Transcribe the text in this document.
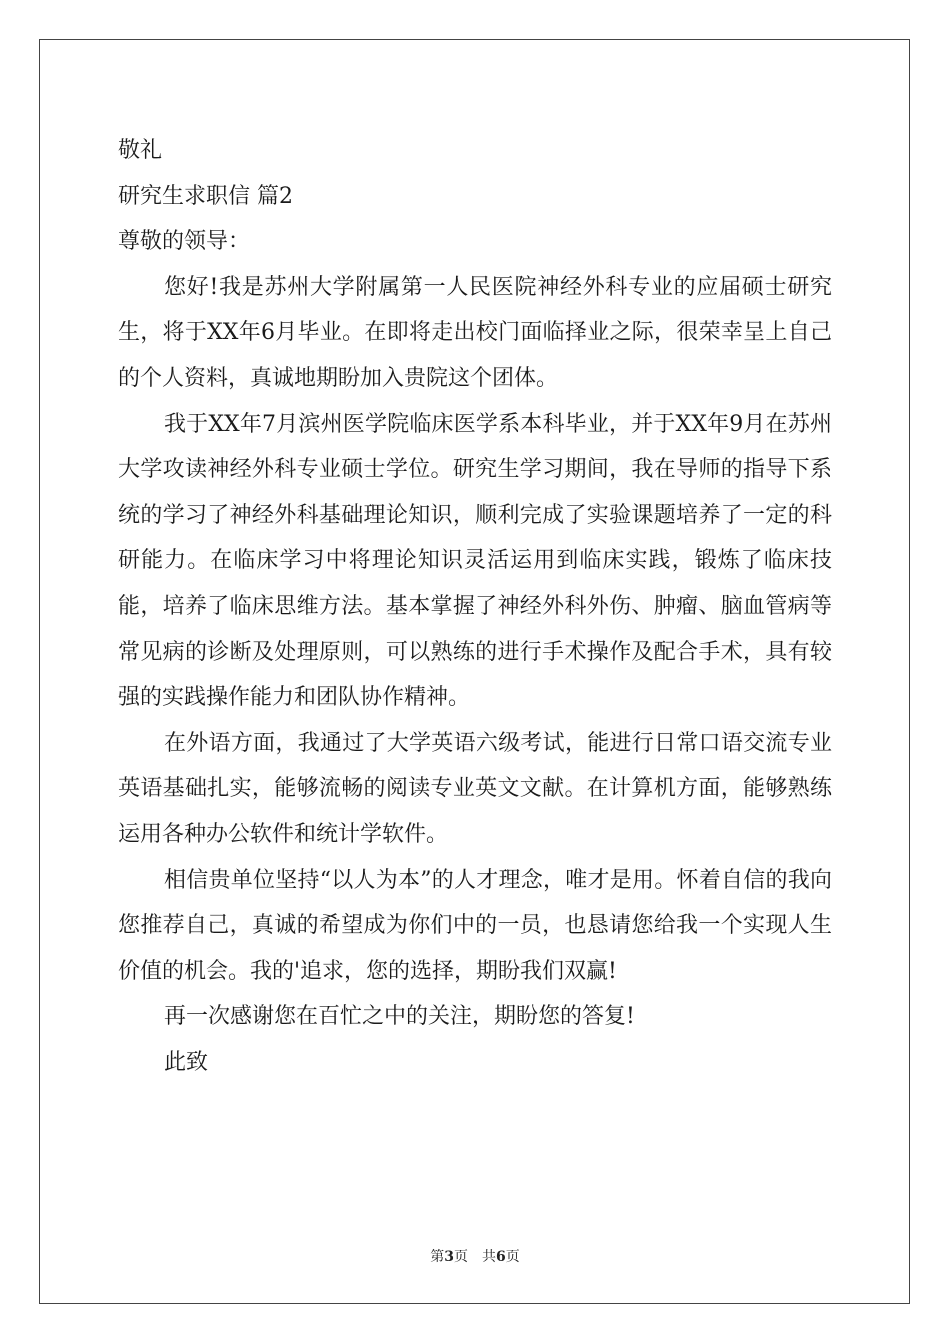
敬礼

研究生求职信 篇2

尊敬的领导：

您好!我是苏州大学附属第一人民医院神经外科专业的应届硕士研究生，将于XX年6月毕业。在即将走出校门面临择业之际，很荣幸呈上自己的个人资料，真诚地期盼加入贵院这个团体。

我于XX年7月滨州医学院临床医学系本科毕业，并于XX年9月在苏州大学攻读神经外科专业硕士学位。研究生学习期间，我在导师的指导下系统的学习了神经外科基础理论知识，顺利完成了实验课题培养了一定的科研能力。在临床学习中将理论知识灵活运用到临床实践，锻炼了临床技能，培养了临床思维方法。基本掌握了神经外科外伤、肿瘤、脑血管病等常见病的诊断及处理原则，可以熟练的进行手术操作及配合手术，具有较强的实践操作能力和团队协作精神。

在外语方面，我通过了大学英语六级考试，能进行日常口语交流专业英语基础扎实，能够流畅的阅读专业英文文献。在计算机方面，能够熟练运用各种办公软件和统计学软件。

相信贵单位坚持“以人为本”的人才理念，唯才是用。怀着自信的我向您推荐自己，真诚的希望成为你们中的一员，也恳请您给我一个实现人生价值的机会。我的'追求，您的选择，期盼我们双赢!

再一次感谢您在百忙之中的关注，期盼您的答复!

此致

第3页 共6页
